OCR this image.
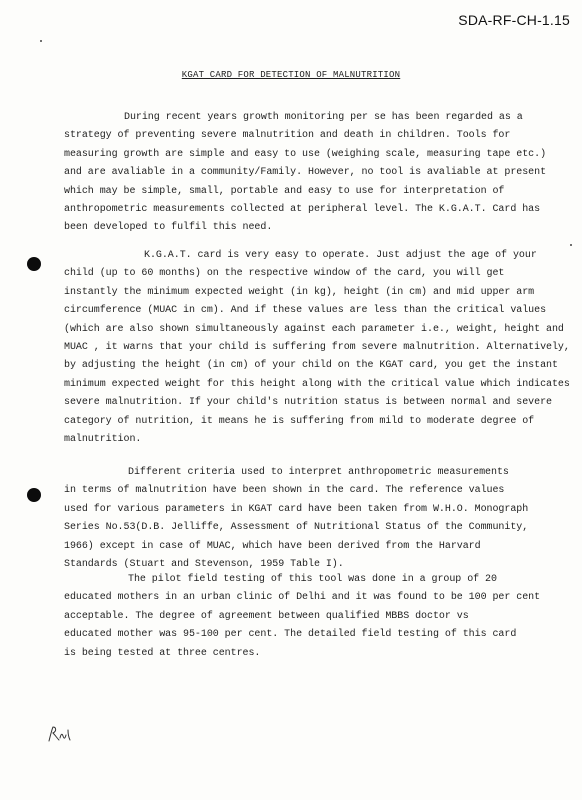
SDA-RF-CH-1.15
KGAT CARD FOR DETECTION OF MALNUTRITION
During recent years growth monitoring per se has been regarded as a
strategy of preventing severe malnutrition and death in children. Tools for
measuring growth are simple and easy to use (weighing scale, measuring tape etc.)
and are avaliable in a community/Family. However, no tool is avaliable at present
which may be simple, small, portable and easy to use for interpretation of
anthropometric measurements collected at peripheral level. The K.G.A.T. Card has
been developed to fulfil this need.
K.G.A.T. card is very easy to operate. Just adjust the age of your
child (up to 60 months) on the respective window of the card, you will get
instantly the minimum expected weight (in kg), height (in cm) and mid upper arm
circumference (MUAC in cm). And if these values are less than the critical values
(which are also shown simultaneously against each parameter i.e., weight, height and
MUAC , it warns that your child is suffering from severe malnutrition. Alternatively,
by adjusting the height (in cm) of your child on the KGAT card, you get the instant
minimum expected weight for this height along with the critical value which indicates
severe malnutrition. If your child's nutrition status is between normal and severe
category of nutrition, it means he is suffering from mild to moderate degree of
malnutrition.
Different criteria used to interpret anthropometric measurements
in terms of malnutrition have been shown in the card. The reference values
used for various parameters in KGAT card have been taken from W.H.O. Monograph
Series No.53(D.B. Jelliffe, Assessment of Nutritional Status of the Community,
1966) except in case of MUAC, which have been derived from the Harvard
Standards (Stuart and Stevenson, 1959 Table I).
The pilot field testing of this tool was done in a group of 20
educated mothers in an urban clinic of Delhi and it was found to be 100 per cent
acceptable. The degree of agreement between qualified MBBS doctor vs
educated mother was 95-100 per cent. The detailed field testing of this card
is being tested at three centres.
